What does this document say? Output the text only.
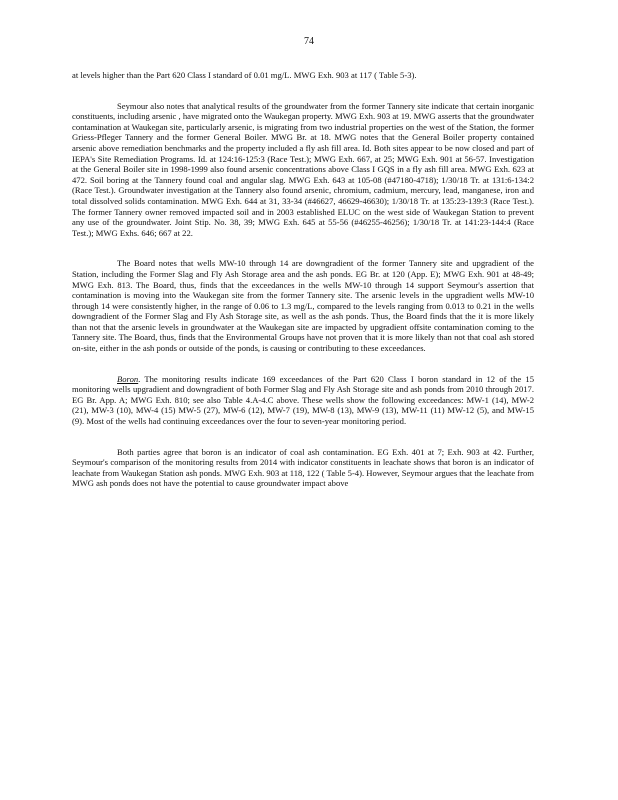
74

at levels higher than the Part 620 Class I standard of 0.01 mg/L. MWG Exh. 903 at 117 ( Table 5-3).

Seymour also notes that analytical results of the groundwater from the former Tannery site indicate that certain inorganic constituents, including arsenic , have migrated onto the Waukegan property. MWG Exh. 903 at 19. MWG asserts that the groundwater contamination at Waukegan site, particularly arsenic, is migrating from two industrial properties on the west of the Station, the former Griess-Pfleger Tannery and the former General Boiler. MWG Br. at 18. MWG notes that the General Boiler property contained arsenic above remediation benchmarks and the property included a fly ash fill area. Id. Both sites appear to be now closed and part of IEPA's Site Remediation Programs. Id. at 124:16-125:3 (Race Test.); MWG Exh. 667, at 25; MWG Exh. 901 at 56-57. Investigation at the General Boiler site in 1998-1999 also found arsenic concentrations above Class I GQS in a fly ash fill area. MWG Exh. 623 at 472. Soil boring at the Tannery found coal and angular slag. MWG Exh. 643 at 105-08 (#47180-4718); 1/30/18 Tr. at 131:6-134:2 (Race Test.). Groundwater investigation at the Tannery also found arsenic, chromium, cadmium, mercury, lead, manganese, iron and total dissolved solids contamination. MWG Exh. 644 at 31, 33-34 (#46627, 46629-46630); 1/30/18 Tr. at 135:23-139:3 (Race Test.). The former Tannery owner removed impacted soil and in 2003 established ELUC on the west side of Waukegan Station to prevent any use of the groundwater. Joint Stip. No. 38, 39; MWG Exh. 645 at 55-56 (#46255-46256); 1/30/18 Tr. at 141:23-144:4 (Race Test.); MWG Exhs. 646; 667 at 22.

The Board notes that wells MW-10 through 14 are downgradient of the former Tannery site and upgradient of the Station, including the Former Slag and Fly Ash Storage area and the ash ponds. EG Br. at 120 (App. E); MWG Exh. 901 at 48-49; MWG Exh. 813. The Board, thus, finds that the exceedances in the wells MW-10 through 14 support Seymour's assertion that contamination is moving into the Waukegan site from the former Tannery site. The arsenic levels in the upgradient wells MW-10 through 14 were consistently higher, in the range of 0.06 to 1.3 mg/L, compared to the levels ranging from 0.013 to 0.21 in the wells downgradient of the Former Slag and Fly Ash Storage site, as well as the ash ponds. Thus, the Board finds that the it is more likely than not that the arsenic levels in groundwater at the Waukegan site are impacted by upgradient offsite contamination coming to the Tannery site. The Board, thus, finds that the Environmental Groups have not proven that it is more likely than not that coal ash stored on-site, either in the ash ponds or outside of the ponds, is causing or contributing to these exceedances.

Boron. The monitoring results indicate 169 exceedances of the Part 620 Class I boron standard in 12 of the 15 monitoring wells upgradient and downgradient of both Former Slag and Fly Ash Storage site and ash ponds from 2010 through 2017. EG Br. App. A; MWG Exh. 810; see also Table 4.A-4.C above. These wells show the following exceedances: MW-1 (14), MW-2 (21), MW-3 (10), MW-4 (15) MW-5 (27), MW-6 (12), MW-7 (19), MW-8 (13), MW-9 (13), MW-11 (11) MW-12 (5), and MW-15 (9). Most of the wells had continuing exceedances over the four to seven-year monitoring period.

Both parties agree that boron is an indicator of coal ash contamination. EG Exh. 401 at 7; Exh. 903 at 42. Further, Seymour's comparison of the monitoring results from 2014 with indicator constituents in leachate shows that boron is an indicator of leachate from Waukegan Station ash ponds. MWG Exh. 903 at 118, 122 ( Table 5-4). However, Seymour argues that the leachate from MWG ash ponds does not have the potential to cause groundwater impact above
